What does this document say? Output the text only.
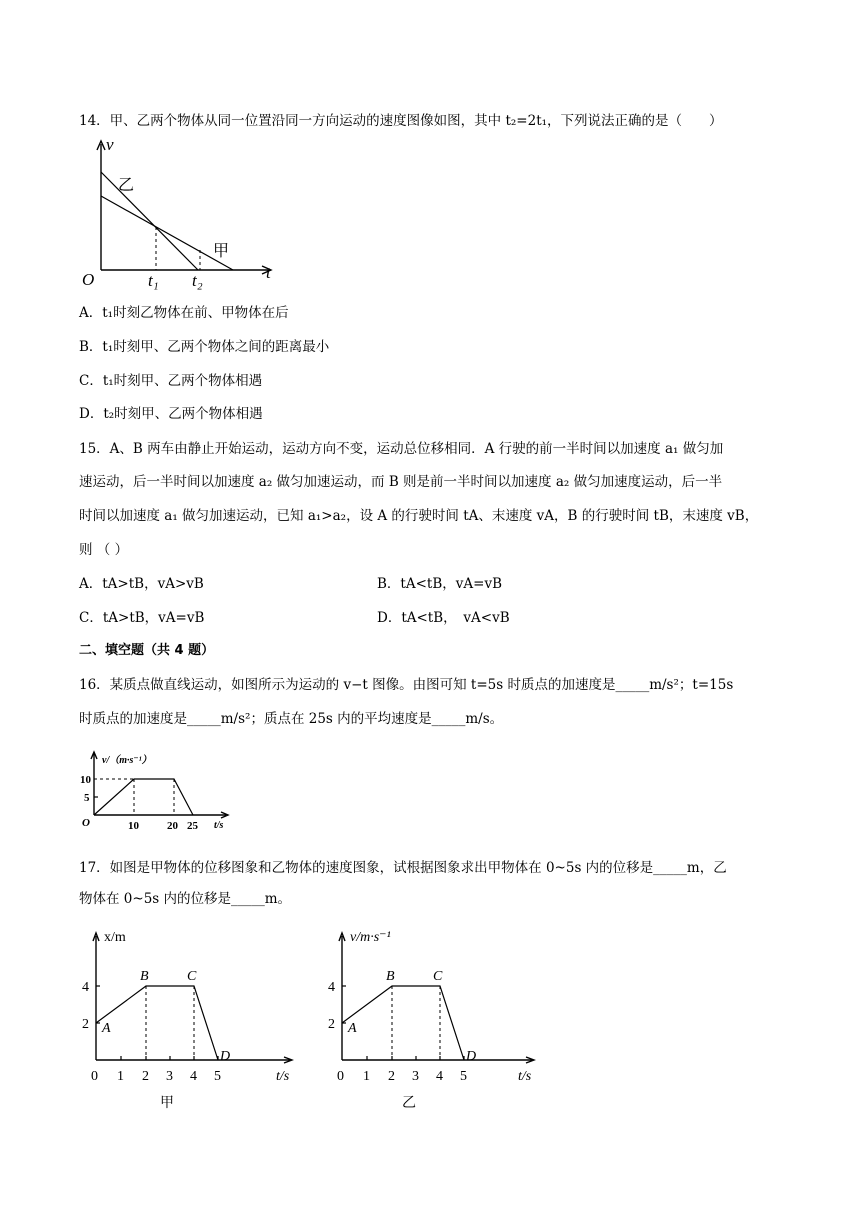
14．甲、乙两个物体从同一位置沿同一方向运动的速度图像如图，其中 t₂=2t₁，下列说法正确的是（　　）
v
t
O
乙
甲
t₁ t₂
A．t₁时刻乙物体在前、甲物体在后
B．t₁时刻甲、乙两个物体之间的距离最小
C．t₁时刻甲、乙两个物体相遇
D．t₂时刻甲、乙两个物体相遇
15．A、B 两车由静止开始运动，运动方向不变，运动总位移相同．A 行驶的前一半时间以加速度 a₁ 做匀加
速运动，后一半时间以加速度 a₂ 做匀加速运动，而 B 则是前一半时间以加速度 a₂ 做匀加速度运动，后一半
时间以加速度 a₁ 做匀加速运动，已知 a₁>a₂，设 A 的行驶时间 tA、末速度 vA，B 的行驶时间 tB，末速度 vB，
则 （ ）
A．tA>tB，vA>vB	B．tA<tB，vA=vB
C．tA>tB，vA=vB	D．tA<tB，　vA<vB
二、填空题（共 4 题）
16．某质点做直线运动，如图所示为运动的 v−t 图像。由图可知 t=5s 时质点的加速度是_____m/s²；t=15s
时质点的加速度是_____m/s²；质点在 25s 内的平均速度是_____m/s。
v/（m·s⁻¹）
t/s
O
10
5
10	20 25
17．如图是甲物体的位移图象和乙物体的速度图象，试根据图象求出甲物体在 0~5s 内的位移是_____m，乙
物体在 0~5s 内的位移是_____m。
x/m
t/s
4
2
0 1 2 3 4 5
A
B	C
D
甲
v/m·s⁻¹
t/s
4
2
0 1 2 3 4 5
A
B	C
D
乙
